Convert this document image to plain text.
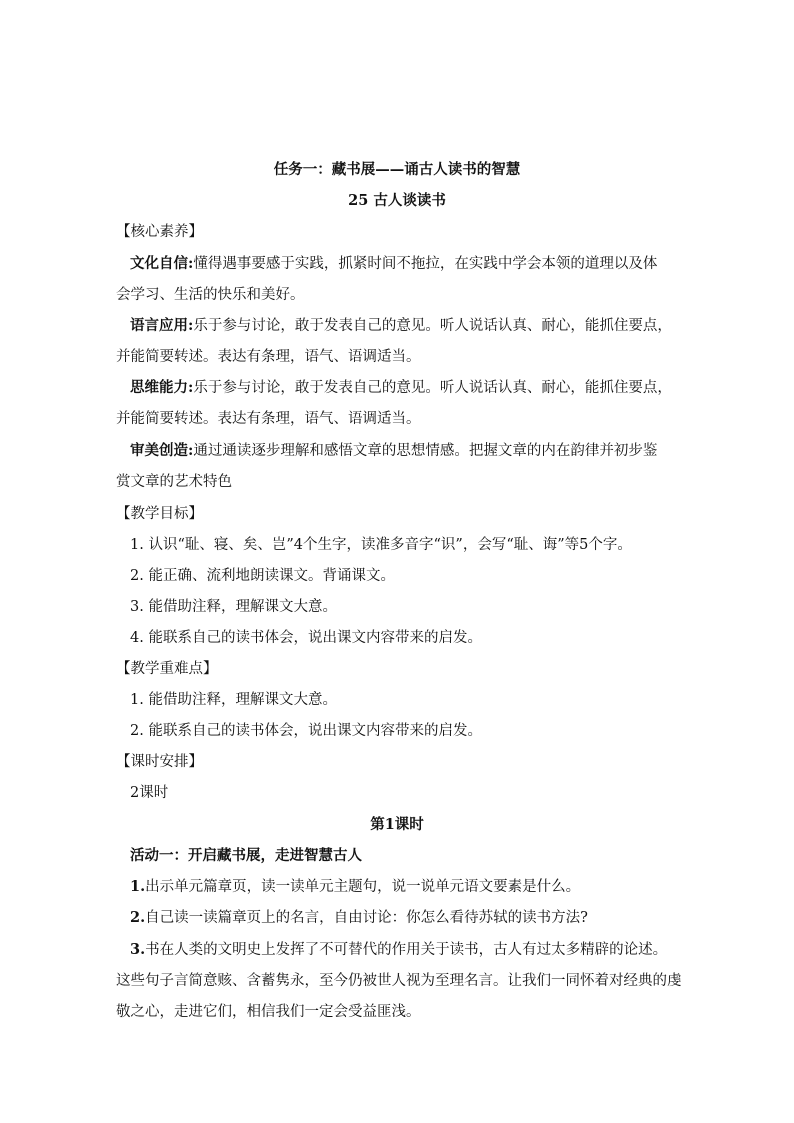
任务一：藏书展——诵古人读书的智慧
25 古人谈读书
【核心素养】
文化自信:懂得遇事要感于实践，抓紧时间不拖拉，在实践中学会本领的道理以及体
会学习、生活的快乐和美好。
语言应用:乐于参与讨论，敢于发表自己的意见。听人说话认真、耐心，能抓住要点，
并能简要转述。表达有条理，语气、语调适当。
思维能力:乐于参与讨论，敢于发表自己的意见。听人说话认真、耐心，能抓住要点，
并能简要转述。表达有条理，语气、语调适当。
审美创造:通过通读逐步理解和感悟文章的思想情感。把握文章的内在韵律并初步鉴
赏文章的艺术特色
【教学目标】
1. 认识“耻、寝、矣、岂”4个生字，读准多音字“识”，会写“耻、诲”等5个字。
2. 能正确、流利地朗读课文。背诵课文。
3. 能借助注释，理解课文大意。
4. 能联系自己的读书体会，说出课文内容带来的启发。
【教学重难点】
1. 能借助注释，理解课文大意。
2. 能联系自己的读书体会，说出课文内容带来的启发。
【课时安排】
2课时
第1课时
活动一：开启藏书展，走进智慧古人
1.出示单元篇章页，读一读单元主题句，说一说单元语文要素是什么。
2.自己读一读篇章页上的名言，自由讨论：你怎么看待苏轼的读书方法?
3.书在人类的文明史上发挥了不可替代的作用关于读书，古人有过太多精辟的论述。
这些句子言简意赅、含蓄隽永，至今仍被世人视为至理名言。让我们一同怀着对经典的虔
敬之心，走进它们，相信我们一定会受益匪浅。
